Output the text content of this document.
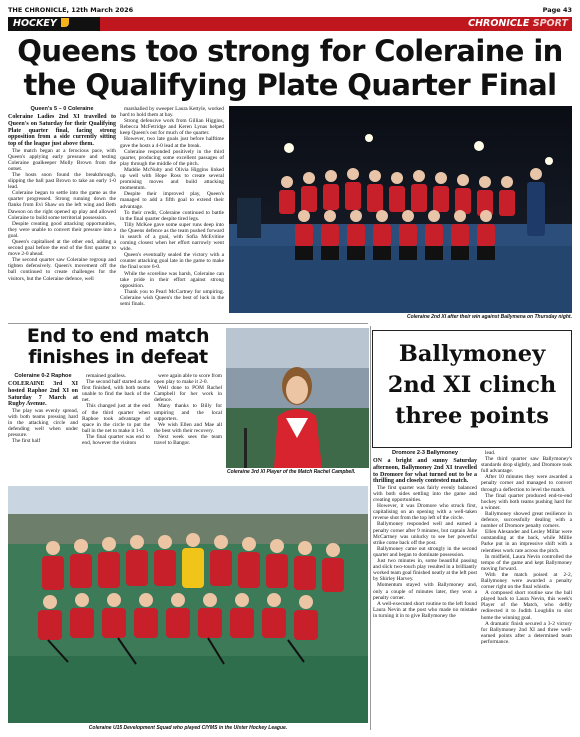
THE CHRONICLE, 12th March 2026	Page 43
HOCKEY	CHRONICLE SPORT
Queens too strong for Coleraine in the Qualifying Plate Quarter Final
Queen's 5 – 0 Coleraine

Coleraine Ladies 2nd XI travelled to Queen's on Saturday for their Qualifying Plate quarter final, facing strong opposition from a side currently sitting top of the league just above them.

The match began at a ferocious pace, with Queen's applying early pressure and testing Coleraine goalkeeper Molly Brown from the outset.

The hosts soon found the breakthrough, slipping the ball past Brown to take an early 1-0 lead.

Coleraine began to settle into the game as the quarter progressed. Strong running down the flanks from Evi Shaw on the left wing and Beth Dawson on the right opened up play and allowed Coleraine to build some territorial possession.

Despite creating good attacking opportunities, they were unable to convert their pressure into a goal.

Queen's capitalised at the other end, adding a second goal before the end of the first quarter to move 2-0 ahead.

The second quarter saw Coleraine regroup and tighten defensively. Queen's movement off the ball continued to create challenges for the visitors, but the Coleraine defence, well

marshalled by sweeper Laura Kettyle, worked hard to hold them at bay.

Strong defensive work from Gillian Higgins, Rebecca McFetridge and Keren Lynas helped keep Queen's out for much of the quarter.

However, two late goals just before halftime gave the hosts a 4-0 lead at the break.

Coleraine responded positively in the third quarter, producing some excellent passages of play through the middle of the pitch.

Maddie McNulty and Olivia Higgins linked up well with Hope Ross to create several promising moves and build attacking momentum.

Despite their improved play, Queen's managed to add a fifth goal to extend their advantage.

To their credit, Coleraine continued to battle in the final quarter despite tired legs.

Tilly McKee gave some super runs deep into the Queens defence as the team pushed forward in search of a goal, with Sofia McEvitine coming closest when her effort narrowly went wide.

Queen's eventually sealed the victory with a counter attacking goal late in the game to make the final score 6-0.

While the scoreline was harsh, Coleraine can take pride in their effort against strong opposition.

Thank you to Pearl McCartney for umpiring. Coleraine wish Queen's the best of luck in the semi finals.

Coleraine 2nd XI after their win against Ballymena on Thursday night.
End to end match finishes in defeat
Coleraine 0-2 Raphoe

COLERAINE 3rd XI hosted Raphoe 2nd XI on Saturday 7 March at Rugby Avenue.

The play was evenly spread, with both teams pressing hard in the attacking circle and defending well when under pressure.

The first half

remained goalless.

The second half started as the first finished, with both teams unable to find the back of the net.

This changed just at the end of the third quarter when Raphoe took advantage of space in the circle to put the ball in the net to make it 1-0.

The final quarter was end to end, however the visitors

were again able to score from open play to make it 2-0.

Well done to POM Rachel Campbell for her work in defence.

Many thanks to Billy for umpiring and the local supporters.

We wish Ellen and Mae all the best with their recovery.

Next week sees the team travel to Bangor.

Coleraine 3rd XI Player of the Match Rachel Campbell.
Coleraine U15 Development Squad who played CIYMS in the Ulster Hockey League.
Ballymoney 2nd XI clinch three points
Dromore 2-3 Ballymoney

ON a bright and sunny Saturday afternoon, Ballymoney 2nd XI travelled to Dromore for what turned out to be a thrilling and closely contested match.

The first quarter was fairly evenly balanced with both sides settling into the game and creating opportunities.

However, it was Dromore who struck first, capitalising on an opening with a well-taken reverse shot from the top left of the circle.

Ballymoney responded well and earned a penalty corner after 9 minutes, but captain Julie McCartney was unlucky to see her powerful strike come back off the post.

Ballymoney came out strongly in the second quarter and began to dominate possession.

Just two minutes in, some beautiful passing and slick two-touch play resulted in a brilliantly worked team goal finished neatly at the left post by Shirley Harvey.

Momentum stayed with Ballymoney and, only a couple of minutes later, they won a penalty corner.

A well-executed short routine to the left found Laura Nevin at the post who made no mistake in turning it in to give Ballymoney the

lead.

The third quarter saw Ballymoney's standards drop slightly, and Dromore took full advantage.

After 10 minutes they were awarded a penalty corner and managed to convert through a deflection to level the match.

The final quarter produced end-to-end hockey with both teams pushing hard for a winner.

Ballymoney showed great resilience in defence, successfully dealing with a number of Dromore penalty corners.

Ellen Alexander and Lesley Millar were outstanding at the back, while Millie Parke put in an impressive shift with a relentless work rate across the pitch.

In midfield, Laura Nevin controlled the tempo of the game and kept Ballymoney moving forward.

With the match poised at 2-2, Ballymoney were awarded a penalty corner right on the final whistle.

A composed short routine saw the ball played back to Laura Nevin, this week's Player of the Match, who deftly redirected it to Judith Loughlin to slot home the winning goal.

A dramatic finish secured a 3-2 victory for Ballymoney 2nd XI and three well-earned points after a determined team performance.
